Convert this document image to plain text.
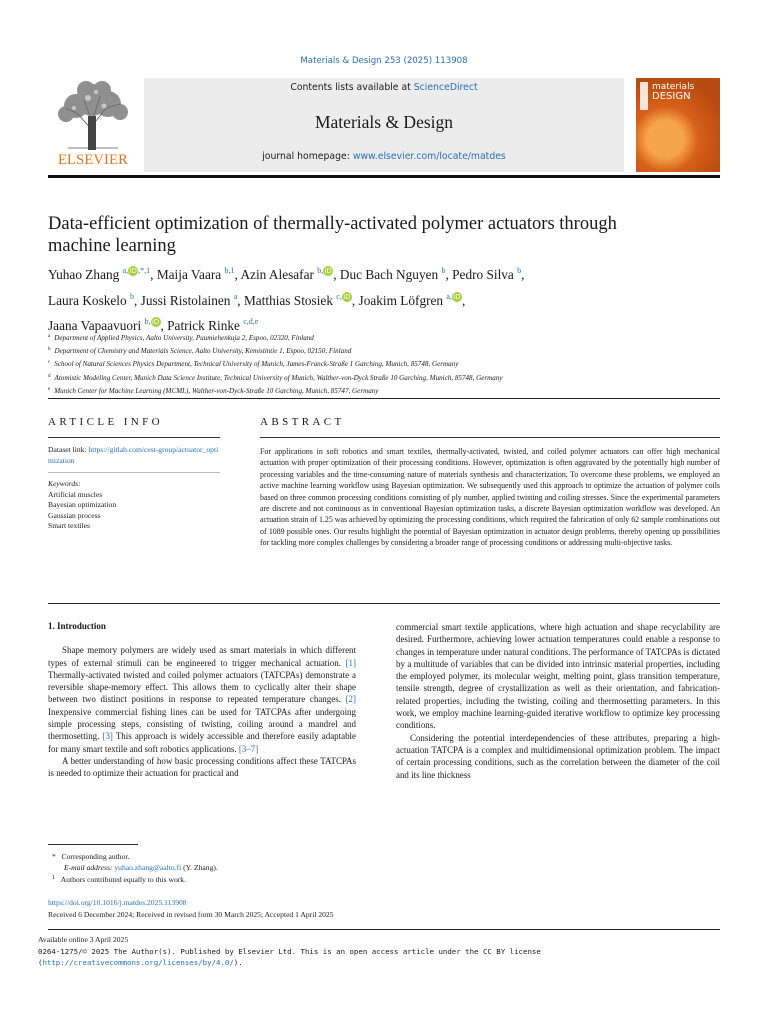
Materials & Design 253 (2025) 113908
ELSEVIER
Contents lists available at ScienceDirect
Materials & Design
journal homepage: www.elsevier.com/locate/matdes
materials
DESIGN
Data-efficient optimization of thermally-activated polymer actuators through machine learning
Yuhao Zhang $^{a,}iD^{,*,1}$, Maija Vaara $^{b,1}$, Azin Alesafar $^{b,}$iD, Duc Bach Nguyen $^b$, Pedro Silva $^b$,
Laura Koskelo $^b$, Jussi Ristolainen $^a$, Matthias Stosiek $^{c,}$iD, Joakim Löfgren $^{a,}$iD,
Jaana Vapaavuori $^{b,}$iD, Patrick Rinke $^{c,d,e}$
$^a$ Department of Applied Physics, Aalto University, Puumiehenkuja 2, Espoo, 02320, Finland
$^b$ Department of Chemistry and Materials Science, Aalto University, Kemistintie 1, Espoo, 02150, Finland
$^c$ School of Natural Sciences Physics Department, Technical University of Munich, James-Franck-Straße 1 Garching, Munich, 85748, Germany
$^d$ Atomistic Modeling Center, Munich Data Science Institute, Technical University of Munich, Walther-von-Dyck Straße 10 Garching, Munich, 85748, Germany
$^e$ Munich Center for Machine Learning (MCML), Walther-von-Dyck-Straße 10 Garching, Munich, 85747, Germany
ARTICLE INFO
Dataset link: https://gitlab.com/cest-group/actuator_optimization
Keywords:
Artificial muscles
Bayesian optimization
Gaussian process
Smart textiles
ABSTRACT
For applications in soft robotics and smart textiles, thermally-activated, twisted, and coiled polymer actuators can offer high mechanical actuation with proper optimization of their processing conditions. However, optimization is often aggravated by the potentially high number of processing variables and the time-consuming nature of materials synthesis and characterization. To overcome these problems, we employed an active machine learning workflow using Bayesian optimization. We subsequently used this approach to optimize the actuation of polymer coils based on three common processing conditions consisting of ply number, applied twisting and coiling stresses. Since the experimental parameters are discrete and not continuous as in conventional Bayesian optimization tasks, a discrete Bayesian optimization workflow was developed. An actuation strain of 1.25 was achieved by optimizing the processing conditions, which required the fabrication of only 62 sample combinations out of 1089 possible ones. Our results highlight the potential of Bayesian optimization in actuator design problems, thereby opening up possibilities for tackling more complex challenges by considering a broader range of processing conditions or addressing multi-objective tasks.
1. Introduction

Shape memory polymers are widely used as smart materials in which different types of external stimuli can be engineered to trigger mechanical actuation. [1] Thermally-activated twisted and coiled polymer actuators (TATCPAs) demonstrate a reversible shape-memory effect. This allows them to cyclically alter their shape between two distinct positions in response to repeated temperature changes. [2] Inexpensive commercial fishing lines can be used for TATCPAs after undergoing simple processing steps, consisting of twisting, coiling around a mandrel and thermosetting. [3] This approach is widely accessible and therefore easily adaptable for many smart textile and soft robotics applications. [3–7]

A better understanding of how basic processing conditions affect these TATCPAs is needed to optimize their actuation for practical and

commercial smart textile applications, where high actuation and shape recyclability are desired. Furthermore, achieving lower actuation temperatures could enable a response to changes in temperature under natural conditions. The performance of TATCPAs is dictated by a multitude of variables that can be divided into intrinsic material properties, including the employed polymer, its molecular weight, melting point, glass transition temperature, tensile strength, degree of crystallization as well as their orientation, and fabrication-related properties, including the twisting, coiling and thermosetting parameters. In this work, we employ machine learning-guided iterative workflow to optimize key processing conditions.

Considering the potential interdependencies of these attributes, preparing a high-actuation TATCPA is a complex and multidimensional optimization problem. The impact of certain processing conditions, such as the correlation between the diameter of the coil and its line thickness

* Corresponding author.
E-mail address: yuhao.zhang@aalto.fi (Y. Zhang).
$^1$ Authors contributed equally to this work.
https://doi.org/10.1016/j.matdes.2025.113908
Received 6 December 2024; Received in revised form 30 March 2025; Accepted 1 April 2025
Available online 3 April 2025
0264-1275/© 2025 The Author(s). Published by Elsevier Ltd. This is an open access article under the CC BY license (http://creativecommons.org/licenses/by/4.0/).
